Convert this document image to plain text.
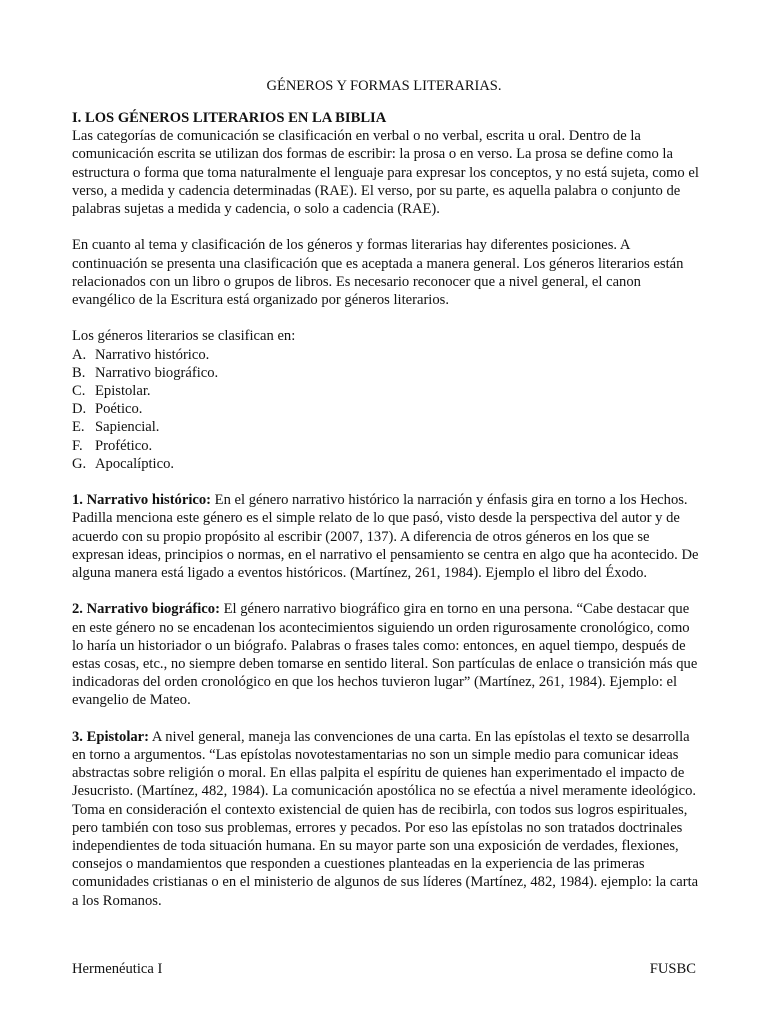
GÉNEROS Y FORMAS LITERARIAS.
I. LOS GÉNEROS LITERARIOS EN LA BIBLIA

Las categorías de comunicación se clasificación en verbal o no verbal, escrita u oral. Dentro de la comunicación escrita se utilizan dos formas de escribir: la prosa o en verso. La prosa se define como la estructura o forma que toma naturalmente el lenguaje para expresar los conceptos, y no está sujeta, como el verso, a medida y cadencia determinadas (RAE). El verso, por su parte, es aquella palabra o conjunto de palabras sujetas a medida y cadencia, o solo a cadencia (RAE).

En cuanto al tema y clasificación de los géneros y formas literarias hay diferentes posiciones. A continuación se presenta una clasificación que es aceptada a manera general. Los géneros literarios están relacionados con un libro o grupos de libros. Es necesario reconocer que a nivel general, el canon evangélico de la Escritura está organizado por géneros literarios.

Los géneros literarios se clasifican en:
A. Narrativo histórico.
B. Narrativo biográfico.
C. Epistolar.
D. Poético.
E. Sapiencial.
F. Profético.
G. Apocalíptico.

1. Narrativo histórico: En el género narrativo histórico la narración y énfasis gira en torno a los Hechos. Padilla menciona este género es el simple relato de lo que pasó, visto desde la perspectiva del autor y de acuerdo con su propio propósito al escribir (2007, 137). A diferencia de otros géneros en los que se expresan ideas, principios o normas, en el narrativo el pensamiento se centra en algo que ha acontecido. De alguna manera está ligado a eventos históricos. (Martínez, 261, 1984). Ejemplo el libro del Éxodo.

2. Narrativo biográfico: El género narrativo biográfico gira en torno en una persona. “Cabe destacar que en este género no se encadenan los acontecimientos siguiendo un orden rigurosamente cronológico, como lo haría un historiador o un biógrafo. Palabras o frases tales como: entonces, en aquel tiempo, después de estas cosas, etc., no siempre deben tomarse en sentido literal. Son partículas de enlace o transición más que indicadoras del orden cronológico en que los hechos tuvieron lugar” (Martínez, 261, 1984). Ejemplo: el evangelio de Mateo.

3. Epistolar: A nivel general, maneja las convenciones de una carta. En las epístolas el texto se desarrolla en torno a argumentos. “Las epístolas novotestamentarias no son un simple medio para comunicar ideas abstractas sobre religión o moral. En ellas palpita el espíritu de quienes han experimentado el impacto de Jesucristo. (Martínez, 482, 1984). La comunicación apostólica no se efectúa a nivel meramente ideológico. Toma en consideración el contexto existencial de quien has de recibirla, con todos sus logros espirituales, pero también con toso sus problemas, errores y pecados. Por eso las epístolas no son tratados doctrinales independientes de toda situación humana. En su mayor parte son una exposición de verdades, flexiones, consejos o mandamientos que responden a cuestiones planteadas en la experiencia de las primeras comunidades cristianas o en el ministerio de algunos de sus líderes (Martínez, 482, 1984). ejemplo: la carta a los Romanos.

Hermenéutica I	FUSBC
